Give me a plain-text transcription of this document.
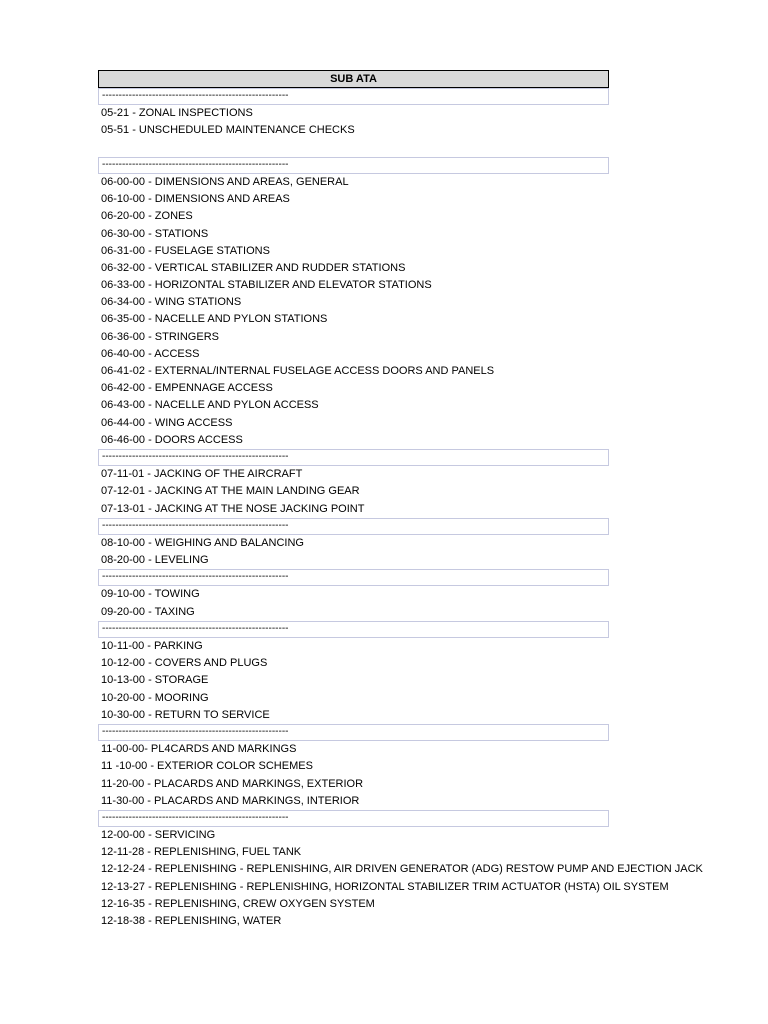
SUB ATA
--------------------------------------------------------
05-21 - ZONAL INSPECTIONS
05-51 - UNSCHEDULED MAINTENANCE CHECKS
--------------------------------------------------------
06-00-00 - DIMENSIONS AND AREAS, GENERAL
06-10-00 - DIMENSIONS AND AREAS
06-20-00 - ZONES
06-30-00 - STATIONS
06-31-00 - FUSELAGE STATIONS
06-32-00 - VERTICAL STABILIZER AND RUDDER STATIONS
06-33-00 - HORIZONTAL STABILIZER AND ELEVATOR STATIONS
06-34-00 - WING STATIONS
06-35-00 - NACELLE AND PYLON STATIONS
06-36-00 - STRINGERS
06-40-00 - ACCESS
06-41-02 - EXTERNAL/INTERNAL FUSELAGE ACCESS DOORS AND PANELS
06-42-00 - EMPENNAGE ACCESS
06-43-00 - NACELLE AND PYLON ACCESS
06-44-00 - WING ACCESS
06-46-00 - DOORS ACCESS
--------------------------------------------------------
07-11-01 - JACKING OF THE AIRCRAFT
07-12-01 - JACKING AT THE MAIN LANDING GEAR
07-13-01 - JACKING AT THE NOSE JACKING POINT
--------------------------------------------------------
08-10-00 - WEIGHING AND BALANCING
08-20-00 - LEVELING
--------------------------------------------------------
09-10-00 - TOWING
09-20-00 - TAXING
--------------------------------------------------------
10-11-00 - PARKING
10-12-00 - COVERS AND PLUGS
10-13-00 - STORAGE
10-20-00 - MOORING
10-30-00 - RETURN TO SERVICE
--------------------------------------------------------
11-00-00- PL4CARDS AND MARKINGS
11 -10-00 - EXTERIOR COLOR SCHEMES
11-20-00 - PLACARDS AND MARKINGS, EXTERIOR
11-30-00 - PLACARDS AND MARKINGS, INTERIOR
--------------------------------------------------------
12-00-00 - SERVICING
12-11-28 - REPLENISHING, FUEL TANK
12-12-24 - REPLENISHING - REPLENISHING, AIR DRIVEN GENERATOR (ADG) RESTOW PUMP AND EJECTION JACK
12-13-27 - REPLENISHING - REPLENISHING, HORIZONTAL STABILIZER TRIM ACTUATOR (HSTA) OIL SYSTEM
12-16-35 - REPLENISHING, CREW OXYGEN SYSTEM
12-18-38 - REPLENISHING, WATER
